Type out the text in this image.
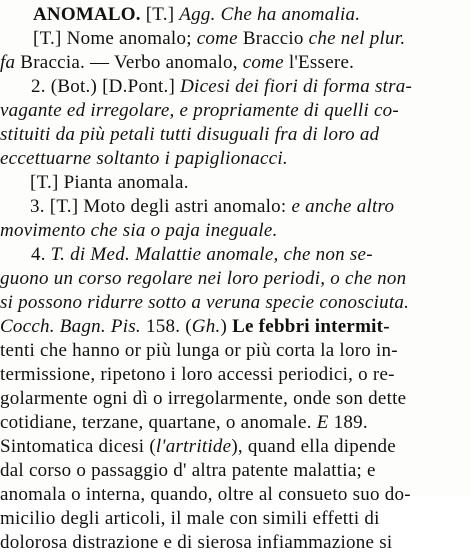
ANOMALO. [T.] Agg. Che ha anomalia.
[T.] Nome anomalo; come Braccio che nel plur.
fa Braccia. — Verbo anomalo, come l'Essere.
2. (Bot.) [D.Pont.] Dicesi dei fiori di forma stra-
vagante ed irregolare, e propriamente di quelli co-
stituiti da più petali tutti disuguali fra di loro ad
eccettuarne soltanto i papiglionacci.
[T.] Pianta anomala.
3. [T.] Moto degli astri anomalo: e anche altro
movimento che sia o paja ineguale.
4. T. di Med. Malattie anomale, che non se-
guono un corso regolare nei loro periodi, o che non
si possono ridurre sotto a veruna specie conosciuta.
Cocch. Bagn. Pis. 158. (Gh.) Le febbri intermit-
tenti che hanno or più lunga or più corta la loro in-
termissione, ripetono i loro accessi periodici, o re-
golarmente ogni dì o irregolarmente, onde son dette
cotidiane, terzane, quartane, o anomale. E 189.
Sintomatica dicesi (l'artritide), quand ella dipende
dal corso o passaggio d' altra patente malattia; e
anomala o interna, quando, oltre al consueto suo do-
micilio degli articoli, il male con simili effetti di
dolorosa distrazione e di sierosa infiammazione si
